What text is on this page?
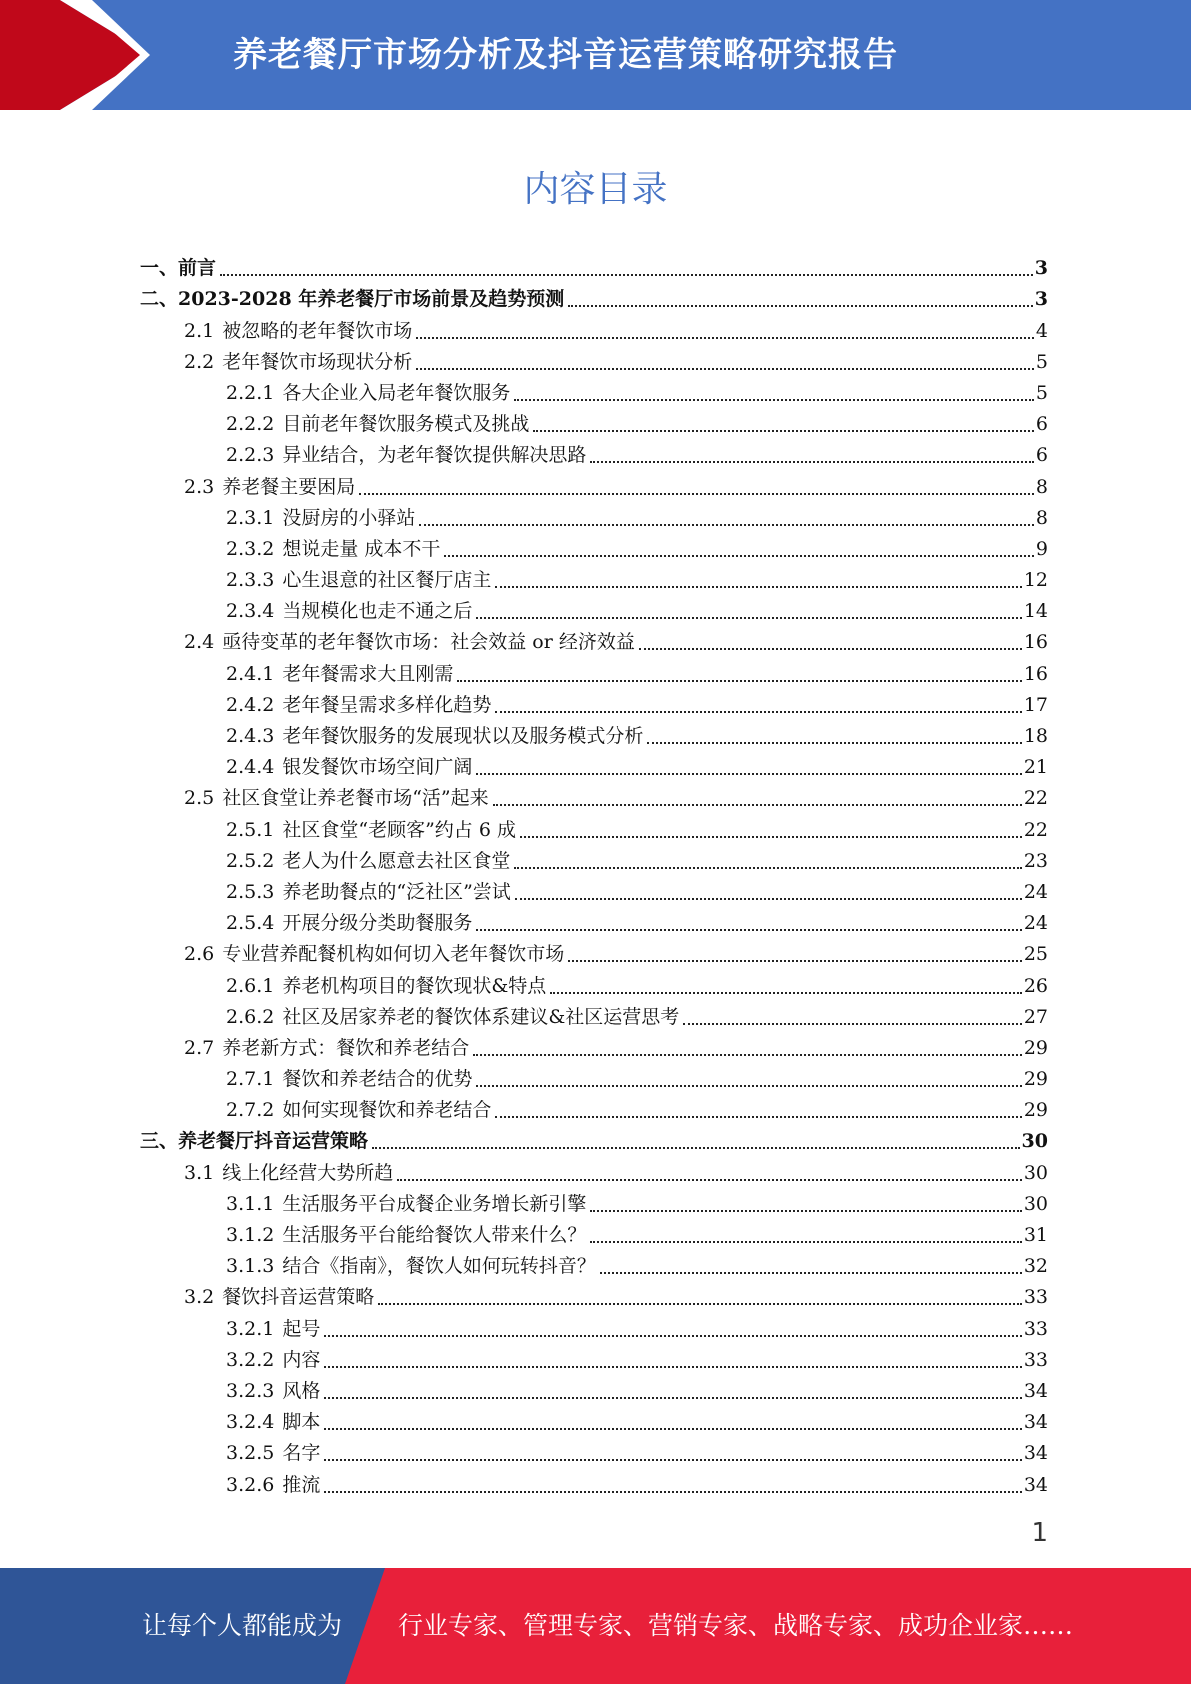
养老餐厅市场分析及抖音运营策略研究报告
内容目录
一、 前言	3
二、 2023-2028 年养老餐厅市场前景及趋势预测	3
2.1 被忽略的老年餐饮市场	4
2.2 老年餐饮市场现状分析	5
2.2.1 各大企业入局老年餐饮服务	5
2.2.2 目前老年餐饮服务模式及挑战	6
2.2.3 异业结合，为老年餐饮提供解决思路	6
2.3 养老餐主要困局	8
2.3.1 没厨房的小驿站	8
2.3.2 想说走量 成本不干	9
2.3.3 心生退意的社区餐厅店主	12
2.3.4 当规模化也走不通之后	14
2.4 亟待变革的老年餐饮市场：社会效益 or 经济效益	16
2.4.1 老年餐需求大且刚需	16
2.4.2 老年餐呈需求多样化趋势	17
2.4.3 老年餐饮服务的发展现状以及服务模式分析	18
2.4.4 银发餐饮市场空间广阔	21
2.5 社区食堂让养老餐市场“活”起来	22
2.5.1 社区食堂“老顾客”约占 6 成	22
2.5.2 老人为什么愿意去社区食堂	23
2.5.3 养老助餐点的“泛社区”尝试	24
2.5.4 开展分级分类助餐服务	24
2.6 专业营养配餐机构如何切入老年餐饮市场	25
2.6.1 养老机构项目的餐饮现状&特点	26
2.6.2 社区及居家养老的餐饮体系建议&社区运营思考	27
2.7 养老新方式：餐饮和养老结合	29
2.7.1 餐饮和养老结合的优势	29
2.7.2 如何实现餐饮和养老结合	29
三、 养老餐厅抖音运营策略	30
3.1 线上化经营大势所趋	30
3.1.1 生活服务平台成餐企业务增长新引擎	30
3.1.2 生活服务平台能给餐饮人带来什么？	31
3.1.3 结合《指南》，餐饮人如何玩转抖音？	32
3.2 餐饮抖音运营策略	33
3.2.1 起号	33
3.2.2 内容	33
3.2.3 风格	34
3.2.4 脚本	34
3.2.5 名字	34
3.2.6 推流	34
1
让每个人都能成为 行业专家、管理专家、营销专家、战略专家、成功企业家……
